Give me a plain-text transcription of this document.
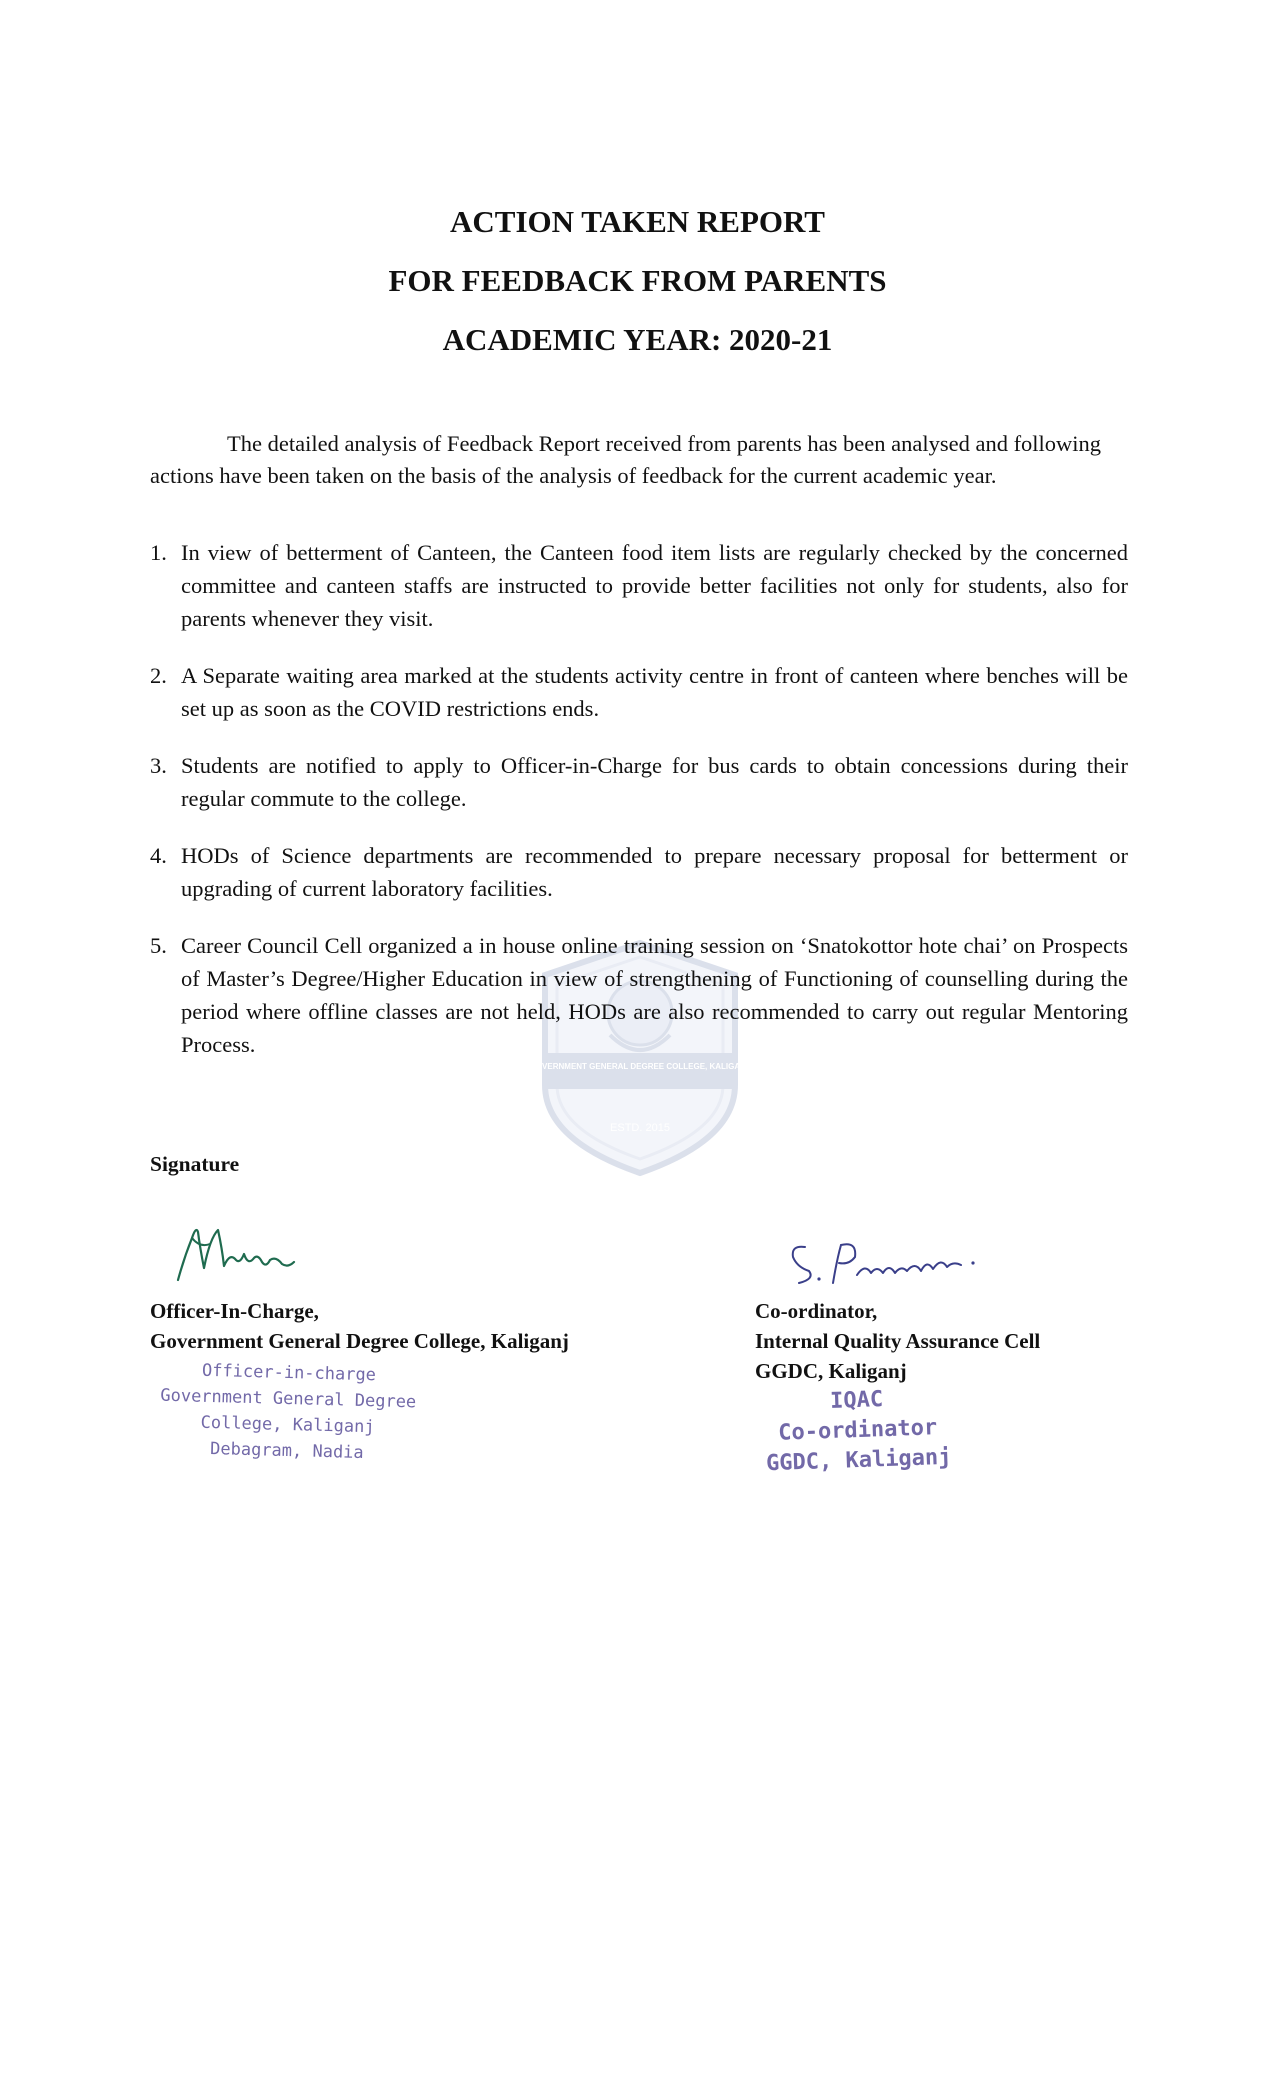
GOVERNMENT GENERAL DEGREE COLLEGE, KALIGANJ
ESTD. 2015

ACTION TAKEN REPORT

FOR FEEDBACK FROM PARENTS

ACADEMIC YEAR: 2020-21

The detailed analysis of Feedback Report received from parents has been analysed and following actions have been taken on the basis of the analysis of feedback for the current academic year.

1. In view of betterment of Canteen, the Canteen food item lists are regularly checked by the concerned committee and canteen staffs are instructed to provide better facilities not only for students, also for parents whenever they visit.
2. A Separate waiting area marked at the students activity centre in front of canteen where benches will be set up as soon as the COVID restrictions ends.
3. Students are notified to apply to Officer-in-Charge for bus cards to obtain concessions during their regular commute to the college.
4. HODs of Science departments are recommended to prepare necessary proposal for betterment or upgrading of current laboratory facilities.
5. Career Council Cell organized a in house online training session on ‘Snatokottor hote chai’ on Prospects of Master’s Degree/Higher Education in view of strengthening of Functioning of counselling during the period where offline classes are not held, HODs are also recommended to carry out regular Mentoring Process.

Signature

Officer-In-Charge,
Government General Degree College, Kaliganj
Co-ordinator,
Internal Quality Assurance Cell
GGDC, Kaliganj
Officer-in-charge
Government General Degree
College, Kaliganj
Debagram, Nadia
IQAC
Co-ordinator
GGDC, Kaliganj
